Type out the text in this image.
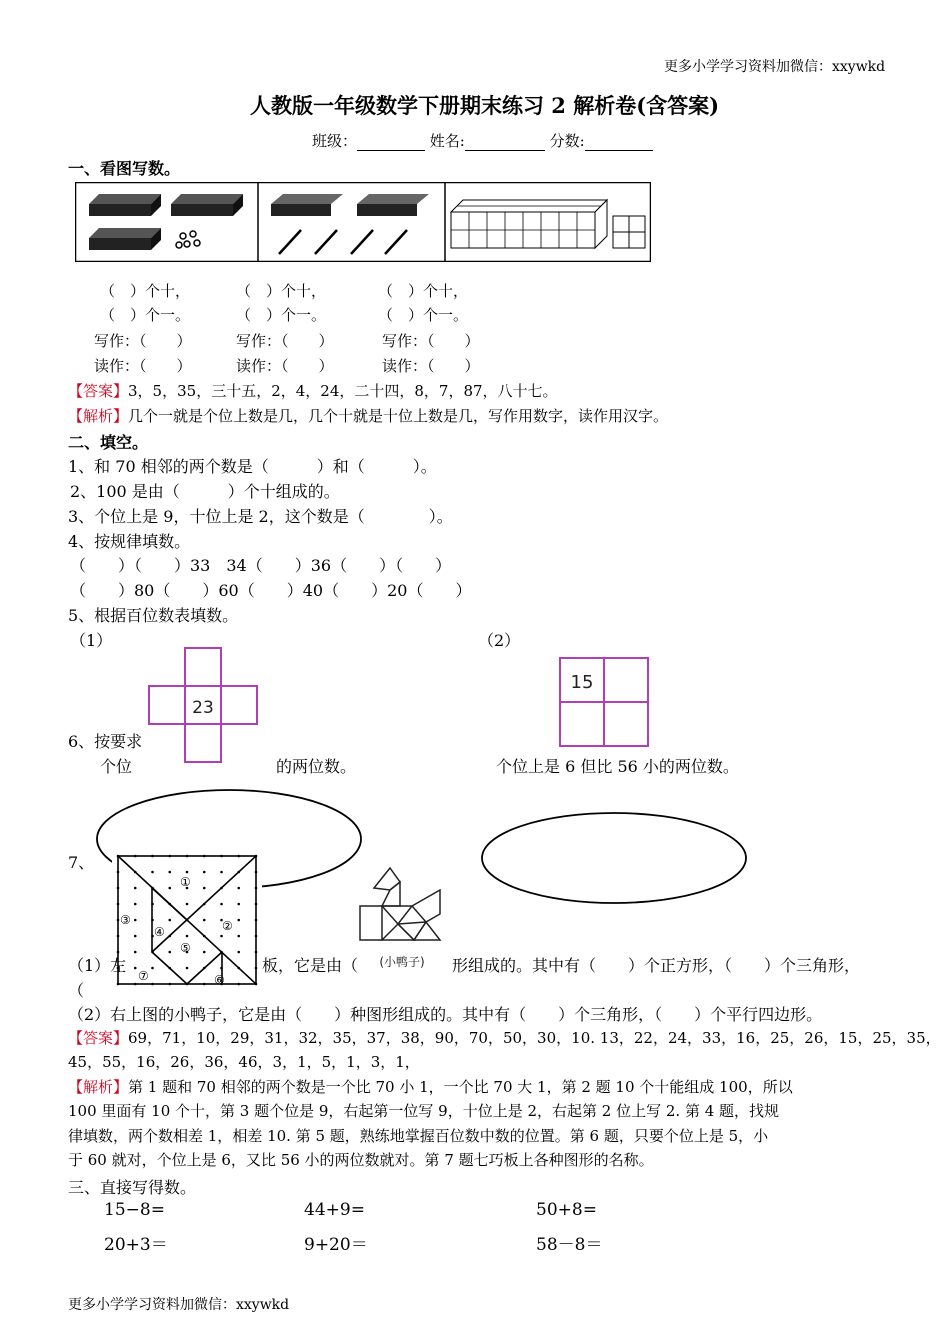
更多小学学习资料加微信：xxywkd
人教版一年级数学下册期末练习 2 解析卷(含答案)
班级：	姓名:	分数:
一、看图写数。
（　）个十，	（　）个十，	（　）个十，
（　）个一。	（　）个一。	（　）个一。
写作：（　　）	写作：（　　）	写作：（　　）
读作：（　　）	读作：（　　）	读作：（　　）
【答案】3，5，35，三十五，2，4，24，二十四，8，7，87，八十七。
【解析】几个一就是个位上数是几，几个十就是十位上数是几，写作用数字，读作用汉字。
二、填空。
1、和 70 相邻的两个数是（　　　）和（　　　）。
2、100 是由（　　　）个十组成的。
3、个位上是 9，十位上是 2，这个数是（　　　　）。
4、按规律填数。
（　　）（　　）33　34（　　）36（　　）（　　）
（　　）80（　　）60（　　）40（　　）20（　　）
5、根据百位数表填数。
（1）	（2）
6、按要求
个位	的两位数。	个位上是 6 但比 56 小的两位数。
23
15
7、
①
②
③
④
⑤
⑥
⑦
(小鸭子)
（1）左	板，它是由（	形组成的。其中有（　　）个正方形，（　　）个三角形，
（
（2）右上图的小鸭子，它是由（　　）种图形组成的。其中有（　　）个三角形，（　　）个平行四边形。
【答案】69，71，10，29，31，32，35，37，38，90，70，50，30，10. 13，22，24，33，16，25，26，15，25，35，
45，55，16，26，36，46，3，1，5，1，3，1，
【解析】第 1 题和 70 相邻的两个数是一个比 70 小 1，一个比 70 大 1，第 2 题 10 个十能组成 100，所以
100 里面有 10 个十，第 3 题个位是 9，右起第一位写 9，十位上是 2，右起第 2 位上写 2. 第 4 题，找规
律填数，两个数相差 1，相差 10. 第 5 题，熟练地掌握百位数中数的位置。第 6 题，只要个位上是 5，小
于 60 就对，个位上是 6，又比 56 小的两位数就对。第 7 题七巧板上各种图形的名称。
三、直接写得数。
15−8=	44+9=	50+8=
20+3＝	9+20＝	58－8＝
更多小学学习资料加微信：xxywkd
